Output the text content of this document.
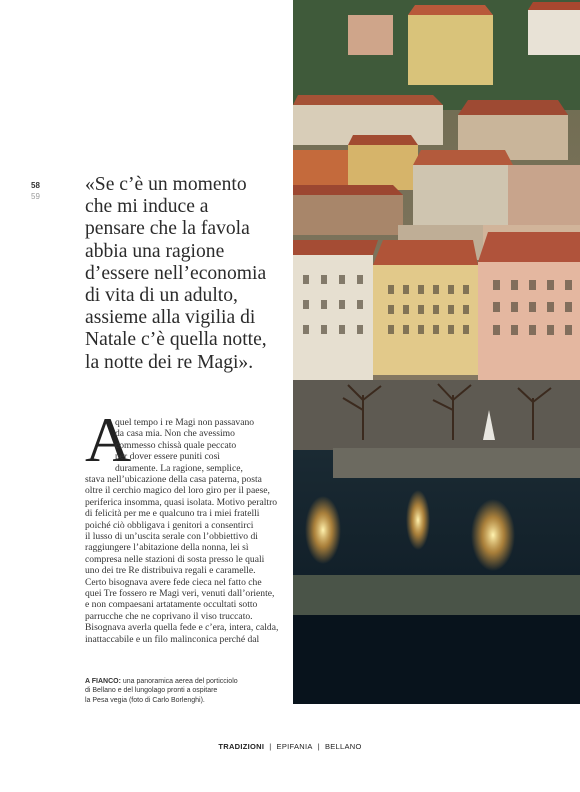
58
59

«Se c’è un momento
che mi induce a
pensare che la favola
abbia una ragione
d’essere nell’economia
di vita di un adulto,
assieme alla vigilia di
Natale c’è quella notte,
la notte dei re Magi».

A
quel tempo i re Magi non passavano
da casa mia. Non che avessimo
commesso chissà quale peccato
per dover essere puniti così
duramente. La ragione, semplice,
stava nell’ubicazione della casa paterna, posta
oltre il cerchio magico del loro giro per il paese,
periferica insomma, quasi isolata. Motivo peraltro
di felicità per me e qualcuno tra i miei fratelli
poiché ciò obbligava i genitori a consentirci
il lusso di un’uscita serale con l’obbiettivo di
raggiungere l’abitazione della nonna, lei sì
compresa nelle stazioni di sosta presso le quali
uno dei tre Re distribuiva regali e caramelle.
Certo bisognava avere fede cieca nel fatto che
quei Tre fossero re Magi veri, venuti dall’oriente,
e non compaesani artatamente occultati sotto
parrucche che ne coprivano il viso truccato.
Bisognava averla quella fede e c’era, intera, calda,
inattaccabile e un filo malinconica perché dal
A FIANCO: una panoramica aerea del porticciolo
di Bellano e del lungolago pronti a ospitare
la Pesa vegia (foto di Carlo Borlenghi).
TRADIZIONI | EPIFANIA | BELLANO
